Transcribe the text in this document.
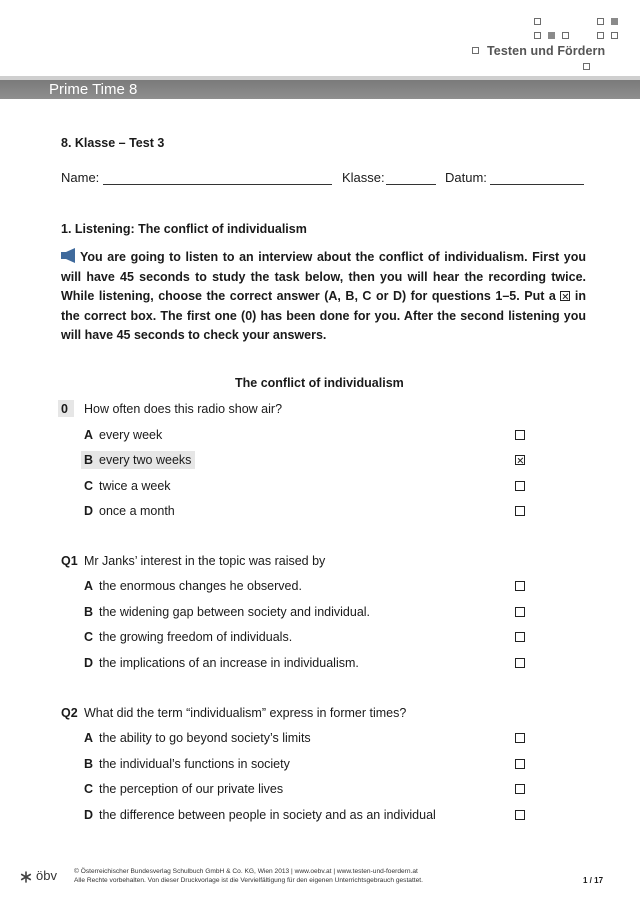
Testen und Fördern
Prime Time 8
8. Klasse – Test 3
Name:	Klasse:	Datum:
1. Listening: The conflict of individualism

You are going to listen to an interview about the conflict of individualism. First you will have 45 seconds to study the task below, then you will hear the recording twice. While listening, choose the correct answer (A, B, C or D) for questions 1–5. Put a in the correct box. The first one (0) has been done for you. After the second listening you will have 45 seconds to check your answers.

The conflict of individualism
0 How often does this radio show air?
A every week
B every two weeks
C twice a week
D once a month
Q1 Mr Janks’ interest in the topic was raised by
A the enormous changes he observed.
B the widening gap between society and individual.
C the growing freedom of individuals.
D the implications of an increase in individualism.
Q2 What did the term “individualism” express in former times?
A the ability to go beyond society’s limits
B the individual’s functions in society
C the perception of our private lives
D the difference between people in society and as an individual
öbv	© Österreichischer Bundesverlag Schulbuch GmbH & Co. KG, Wien 2013 | www.oebv.at | www.testen-und-foerdern.at
Alle Rechte vorbehalten. Von dieser Druckvorlage ist die Vervielfältigung für den eigenen Unterrichtsgebrauch gestattet.	1 / 17
